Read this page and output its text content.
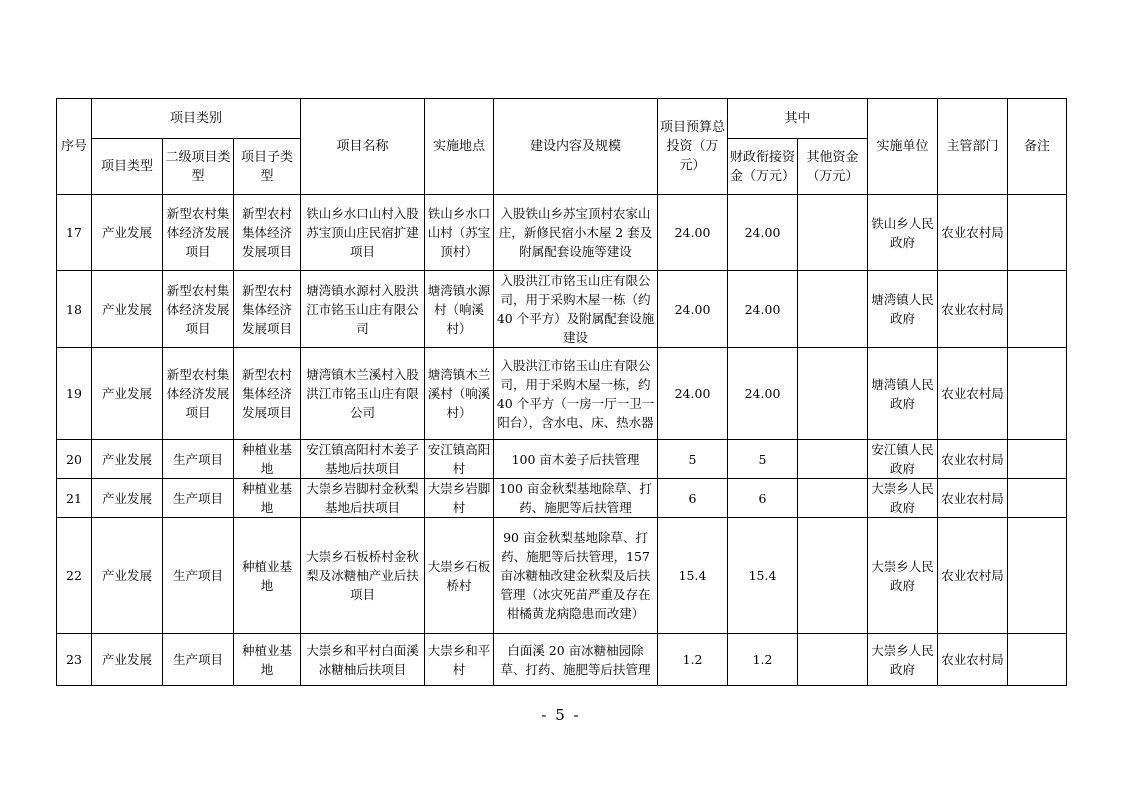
序号	项目类别			项目名称	实施地点	建设内容及规模	项目预算总投资（万元）	其中		实施单位	主管部门	备注
	项目类型	二级项目类型	项目子类型					财政衔接资金（万元）	其他资金（万元）			
17	产业发展	新型农村集体经济发展项目	新型农村集体经济发展项目	铁山乡水口山村入股苏宝顶山庄民宿扩建项目	铁山乡水口山村（苏宝顶村）	入股铁山乡苏宝顶村农家山庄，新修民宿小木屋 2 套及附属配套设施等建设	24.00	24.00		铁山乡人民政府	农业农村局	
18	产业发展	新型农村集体经济发展项目	新型农村集体经济发展项目	塘湾镇水源村入股洪江市铭玉山庄有限公司	塘湾镇水源村（响溪村）	入股洪江市铭玉山庄有限公司，用于采购木屋一栋（约 40 个平方）及附属配套设施建设	24.00	24.00		塘湾镇人民政府	农业农村局	
19	产业发展	新型农村集体经济发展项目	新型农村集体经济发展项目	塘湾镇木兰溪村入股洪江市铭玉山庄有限公司	塘湾镇木兰溪村（响溪村）	入股洪江市铭玉山庄有限公司，用于采购木屋一栋，约 40 个平方（一房一厅一卫一阳台），含水电、床、热水器	24.00	24.00		塘湾镇人民政府	农业农村局	
20	产业发展	生产项目	种植业基地	安江镇高阳村木姜子基地后扶项目	安江镇高阳村	100 亩木姜子后扶管理	5	5		安江镇人民政府	农业农村局	
21	产业发展	生产项目	种植业基地	大崇乡岩脚村金秋梨基地后扶项目	大崇乡岩脚村	100 亩金秋梨基地除草、打药、施肥等后扶管理	6	6		大崇乡人民政府	农业农村局	
22	产业发展	生产项目	种植业基地	大崇乡石板桥村金秋梨及冰糖柚产业后扶项目	大崇乡石板桥村	90 亩金秋梨基地除草、打药、施肥等后扶管理，157 亩冰糖柚改建金秋梨及后扶管理（冰灾死苗严重及存在柑橘黄龙病隐患而改建）	15.4	15.4		大崇乡人民政府	农业农村局	
23	产业发展	生产项目	种植业基地	大崇乡和平村白面溪冰糖柚后扶项目	大崇乡和平村	白面溪 20 亩冰糖柚园除草、打药、施肥等后扶管理	1.2	1.2		大崇乡人民政府	农业农村局	
- 5 -
